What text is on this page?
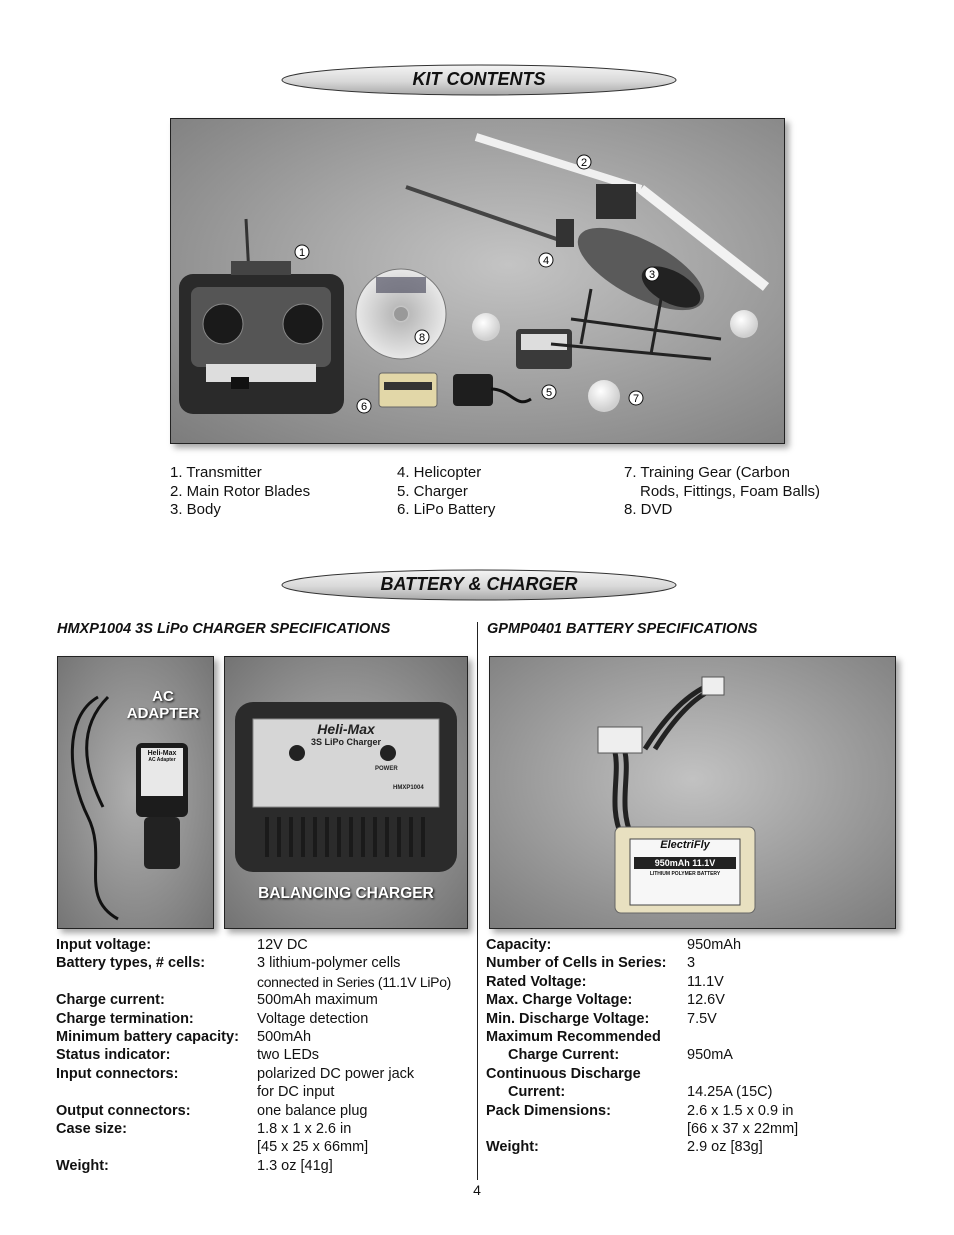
KIT CONTENTS
1
2
3
4
5
6
7
8
1. Transmitter
2. Main Rotor Blades
3. Body
4. Helicopter
5. Charger
6. LiPo Battery
7. Training Gear (Carbon
Rods, Fittings, Foam Balls)
8. DVD
BATTERY & CHARGER
HMXP1004 3S LiPo CHARGER SPECIFICATIONS	GPMP0401 BATTERY SPECIFICATIONS
AC
ADAPTER
Heli-Max
AC Adapter
Heli-Max
3S LiPo Charger
POWER
HMXP1004
BALANCING CHARGER
ElectriFly
950mAh 11.1V
LITHIUM POLYMER BATTERY
Input voltage:	12V DC
Battery types, # cells:	3 lithium-polymer cells
	connected in Series (11.1V LiPo)
Charge current:	500mAh maximum
Charge termination:	Voltage detection
Minimum battery capacity:	500mAh
Status indicator:	two LEDs
Input connectors:	polarized DC power jack
	for DC input
Output connectors:	one balance plug
Case size:	1.8 x 1 x 2.6 in
	[45 x 25 x 66mm]
Weight:	1.3 oz [41g]
Capacity:	950mAh
Number of Cells in Series:	3
Rated Voltage:	11.1V
Max. Charge Voltage:	12.6V
Min. Discharge Voltage:	7.5V
Maximum Recommended	
Charge Current:	950mA
Continuous Discharge	
Current:	14.25A (15C)
Pack Dimensions:	2.6 x 1.5 x 0.9 in
	[66 x 37 x 22mm]
Weight:	2.9 oz [83g]
4
